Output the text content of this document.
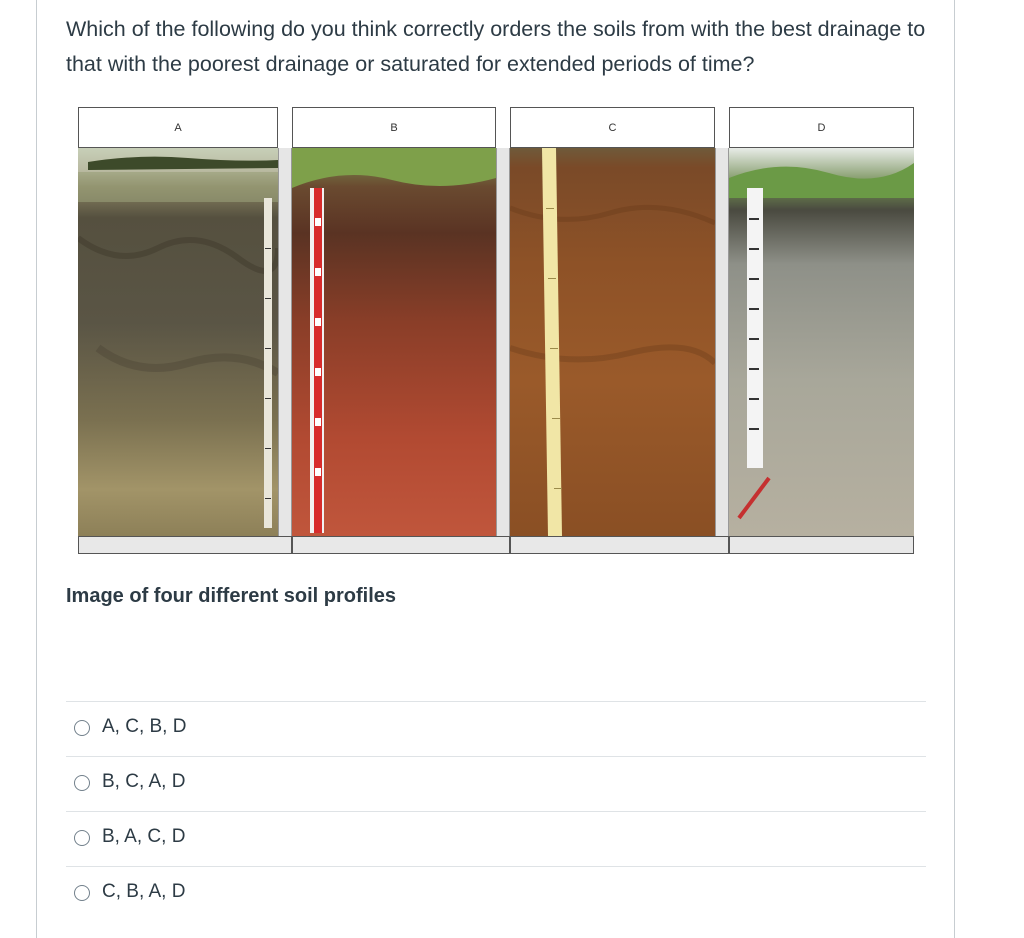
Which of the following do you think correctly orders the soils from with the best drainage to that with the poorest drainage or saturated for extended periods of time?
A	B	C	D
Image of four different soil profiles
A, C, B, D
B, C, A, D
B, A, C, D
C, B, A, D
